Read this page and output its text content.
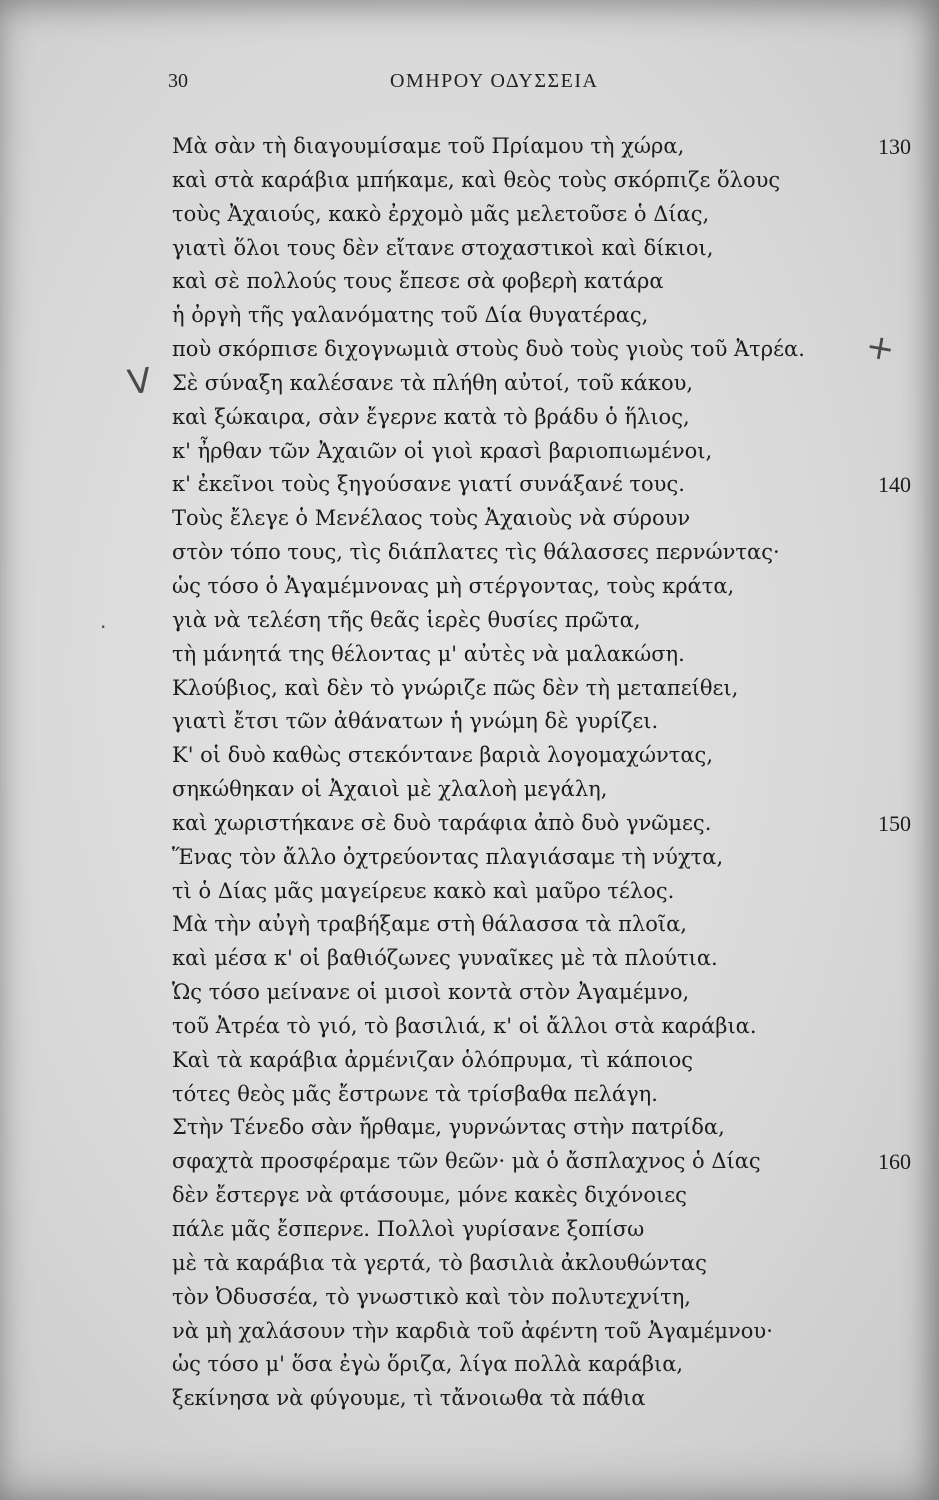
30	ΟΜΗΡΟΥ ΟΔΥΣΣΕΙΑ
Μὰ σὰν τὴ διαγουμίσαμε τοῦ Πρίαμου τὴ χώρα,	130
καὶ στὰ καράβια μπήκαμε, καὶ θεὸς τοὺς σκόρπιζε ὅλους
τοὺς Ἀχαιούς, κακὸ ἐρχομὸ μᾶς μελετοῦσε ὁ Δίας,
γιατὶ ὅλοι τους δὲν εἴτανε στοχαστικοὶ καὶ δίκιοι,
καὶ σὲ πολλούς τους ἔπεσε σὰ φοβερὴ κατάρα
ἡ ὀργὴ τῆς γαλανόματης τοῦ Δία θυγατέρας,
ποὺ σκόρπισε διχογνωμιὰ στοὺς δυὸ τοὺς γιοὺς τοῦ Ἀτρέα.
Σὲ σύναξη καλέσανε τὰ πλήθη αὐτοί, τοῦ κάκου,
καὶ ξώκαιρα, σὰν ἔγερνε κατὰ τὸ βράδυ ὁ ἥλιος,
κ' ἦρθαν τῶν Ἀχαιῶν οἱ γιοὶ κρασὶ βαριοπιωμένοι,
κ' ἐκεῖνοι τοὺς ξηγούσανε γιατί συνάξανέ τους.	140
Τοὺς ἔλεγε ὁ Μενέλαος τοὺς Ἀχαιοὺς νὰ σύρουν
στὸν τόπο τους, τὶς διάπλατες τὶς θάλασσες περνώντας·
ὡς τόσο ὁ Ἀγαμέμνονας μὴ στέργοντας, τοὺς κράτα,
γιὰ νὰ τελέση τῆς θεᾶς ἱερὲς θυσίες πρῶτα,
τὴ μάνητά της θέλοντας μ' αὐτὲς νὰ μαλακώση.
Κλούβιος, καὶ δὲν τὸ γνώριζε πῶς δὲν τὴ μεταπείθει,
γιατὶ ἔτσι τῶν ἀθάνατων ἡ γνώμη δὲ γυρίζει.
Κ' οἱ δυὸ καθὼς στεκόντανε βαριὰ λογομαχώντας,
σηκώθηκαν οἱ Ἀχαιοὶ μὲ χλαλοὴ μεγάλη,
καὶ χωριστήκανε σὲ δυὸ ταράφια ἀπὸ δυὸ γνῶμες.	150
Ἕνας τὸν ἄλλο ὀχτρεύοντας πλαγιάσαμε τὴ νύχτα,
τὶ ὁ Δίας μᾶς μαγείρευε κακὸ καὶ μαῦρο τέλος.
Μὰ τὴν αὐγὴ τραβήξαμε στὴ θάλασσα τὰ πλοῖα,
καὶ μέσα κ' οἱ βαθιόζωνες γυναῖκες μὲ τὰ πλούτια.
Ὡς τόσο μείνανε οἱ μισοὶ κοντὰ στὸν Ἀγαμέμνο,
τοῦ Ἀτρέα τὸ γιό, τὸ βασιλιά, κ' οἱ ἄλλοι στὰ καράβια.
Καὶ τὰ καράβια ἀρμένιζαν ὁλόπρυμα, τὶ κάποιος
τότες θεὸς μᾶς ἔστρωνε τὰ τρίσβαθα πελάγη.
Στὴν Τένεδο σὰν ἤρθαμε, γυρνώντας στὴν πατρίδα,
σφαχτὰ προσφέραμε τῶν θεῶν· μὰ ὁ ἄσπλαχνος ὁ Δίας	160
δὲν ἔστεργε νὰ φτάσουμε, μόνε κακὲς διχόνοιες
πάλε μᾶς ἔσπερνε. Πολλοὶ γυρίσανε ξοπίσω
μὲ τὰ καράβια τὰ γερτά, τὸ βασιλιὰ ἀκλουθώντας
τὸν Ὀδυσσέα, τὸ γνωστικὸ καὶ τὸν πολυτεχνίτη,
νὰ μὴ χαλάσουν τὴν καρδιὰ τοῦ ἀφέντη τοῦ Ἀγαμέμνου·
ὡς τόσο μ' ὅσα ἐγὼ ὅριζα, λίγα πολλὰ καράβια,
ξεκίνησα νὰ φύγουμε, τὶ τἄνοιωθα τὰ πάθια
V
+
·
